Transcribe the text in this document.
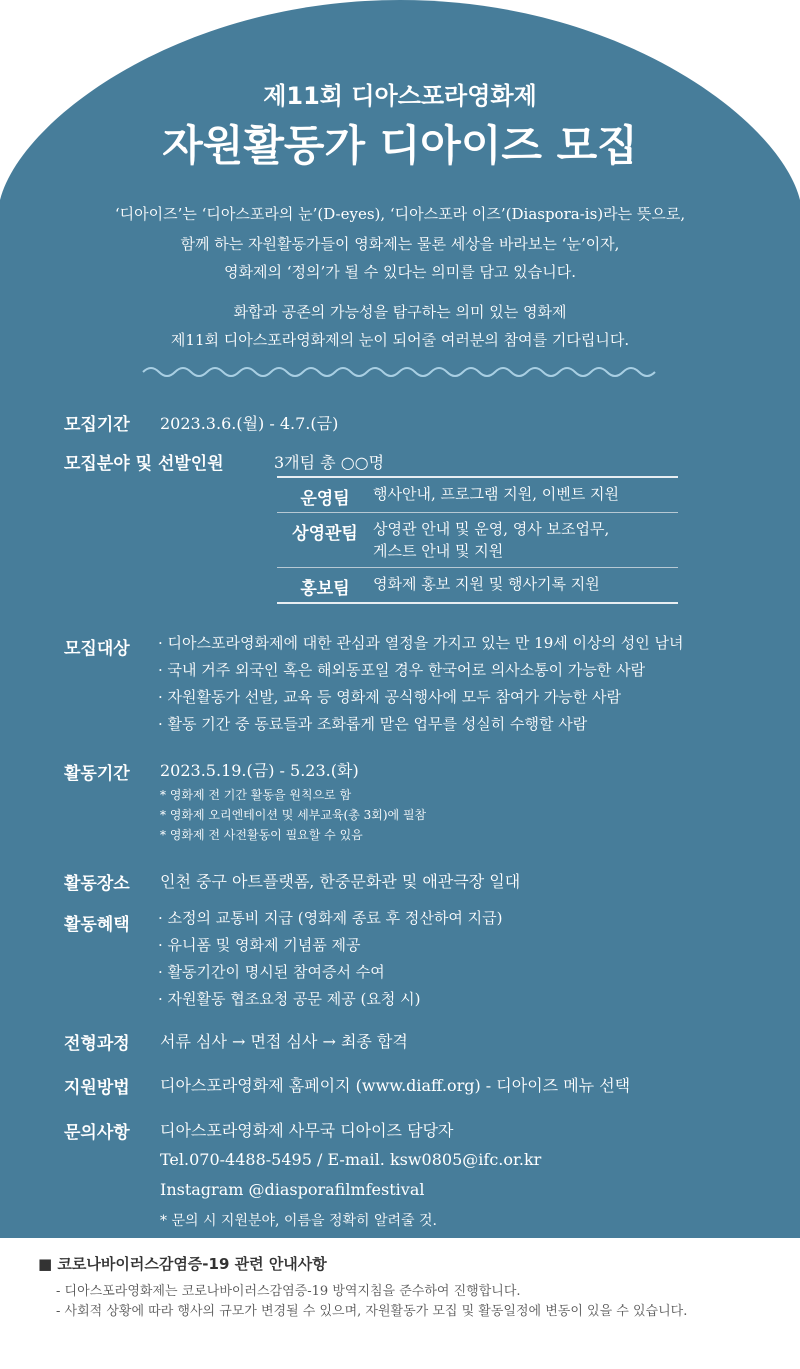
제11회 디아스포라영화제
자원활동가 디아이즈 모집
‘디아이즈’는 ‘디아스포라의 눈’(D-eyes), ‘디아스포라 이즈’(Diaspora-is)라는 뜻으로,
함께 하는 자원활동가들이 영화제는 물론 세상을 바라보는 ‘눈’이자,
영화제의 ‘정의’가 될 수 있다는 의미를 담고 있습니다.
화합과 공존의 가능성을 탐구하는 의미 있는 영화제
제11회 디아스포라영화제의 눈이 되어줄 여러분의 참여를 기다립니다.
모집기간 2023.3.6.(월) - 4.7.(금)
모집분야 및 선발인원	3개팀 총 ○○명
운영팀	행사안내, 프로그램 지원, 이벤트 지원
상영관팀	상영관 안내 및 운영, 영사 보조업무,
게스트 안내 및 지원
홍보팀	영화제 홍보 지원 및 행사기록 지원
모집대상 · 디아스포라영화제에 대한 관심과 열정을 가지고 있는 만 19세 이상의 성인 남녀
· 국내 거주 외국인 혹은 해외동포일 경우 한국어로 의사소통이 가능한 사람
· 자원활동가 선발, 교육 등 영화제 공식행사에 모두 참여가 가능한 사람
· 활동 기간 중 동료들과 조화롭게 맡은 업무를 성실히 수행할 사람
활동기간 2023.5.19.(금) - 5.23.(화)
* 영화제 전 기간 활동을 원칙으로 함
* 영화제 오리엔테이션 및 세부교육(총 3회)에 필참
* 영화제 전 사전활동이 필요할 수 있음
활동장소 인천 중구 아트플랫폼, 한중문화관 및 애관극장 일대
활동혜택 · 소정의 교통비 지급 (영화제 종료 후 정산하여 지급)
· 유니폼 및 영화제 기념품 제공
· 활동기간이 명시된 참여증서 수여
· 자원활동 협조요청 공문 제공 (요청 시)
전형과정 서류 심사 → 면접 심사 → 최종 합격
지원방법 디아스포라영화제 홈페이지 (www.diaff.org) - 디아이즈 메뉴 선택
문의사항 디아스포라영화제 사무국 디아이즈 담당자
Tel.070-4488-5495 / E-mail. ksw0805@ifc.or.kr
Instagram @diasporafilmfestival
* 문의 시 지원분야, 이름을 정확히 알려줄 것.
■ 코로나바이러스감염증-19 관련 안내사항
- 디아스포라영화제는 코로나바이러스감염증-19 방역지침을 준수하여 진행합니다.
- 사회적 상황에 따라 행사의 규모가 변경될 수 있으며, 자원활동가 모집 및 활동일정에 변동이 있을 수 있습니다.
